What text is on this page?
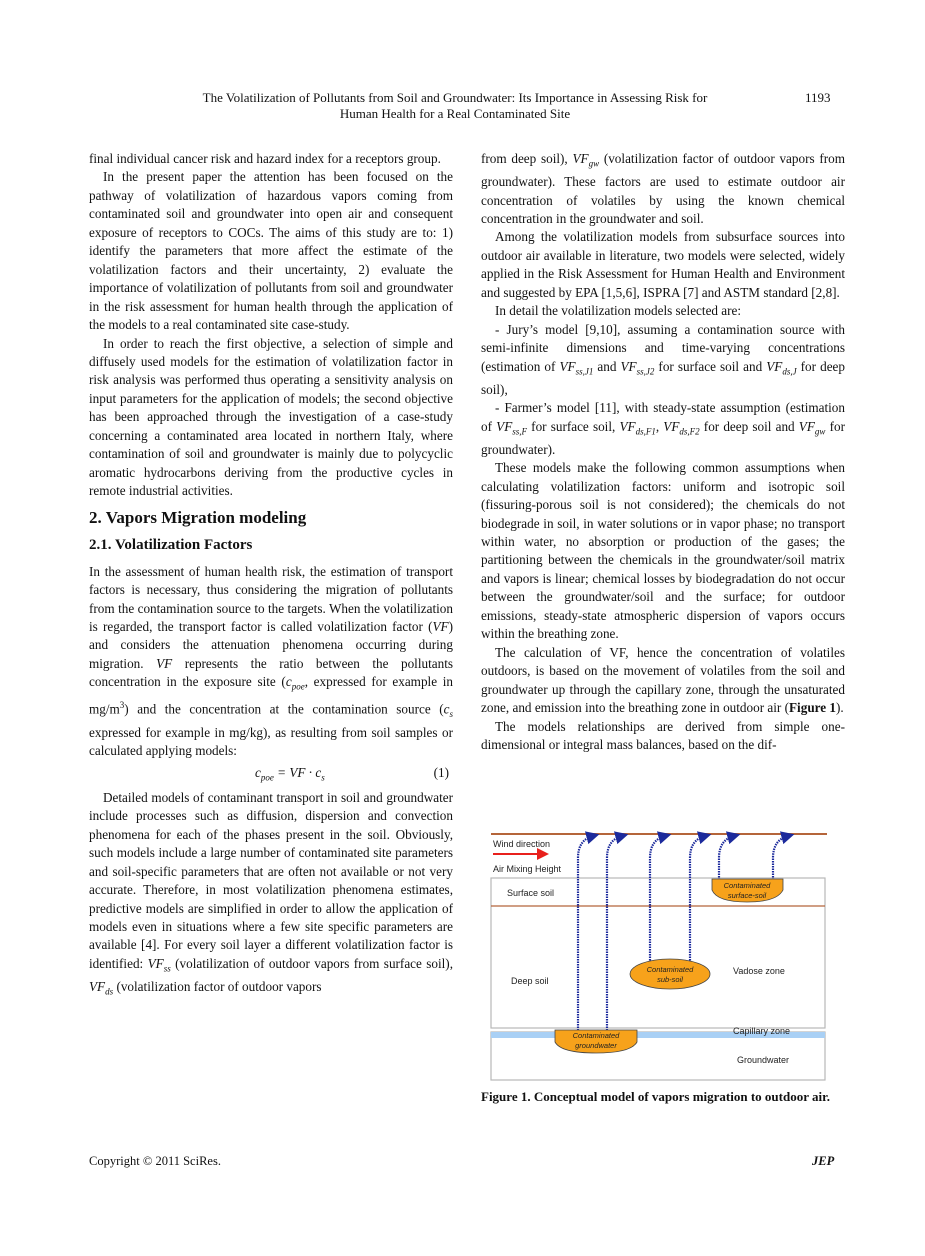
The Volatilization of Pollutants from Soil and Groundwater: Its Importance in Assessing Risk for
Human Health for a Real Contaminated Site
1193

final individual cancer risk and hazard index for a receptors group.

In the present paper the attention has been focused on the pathway of volatilization of hazardous vapors coming from contaminated soil and groundwater into open air and consequent exposure of receptors to COCs. The aims of this study are to: 1) identify the parameters that more affect the estimate of the volatilization factors and their uncertainty, 2) evaluate the importance of volatilization of pollutants from soil and groundwater in the risk assessment for human health through the application of the models to a real contaminated site case-study.

In order to reach the first objective, a selection of simple and diffusely used models for the estimation of volatilization factor in risk analysis was performed thus operating a sensitivity analysis on input parameters for the application of models; the second objective has been approached through the investigation of a case-study concerning a contaminated area located in northern Italy, where contamination of soil and groundwater is mainly due to polycyclic aromatic hydrocarbons deriving from the productive cycles in remote industrial activities.

2. Vapors Migration modeling
2.1. Volatilization Factors

In the assessment of human health risk, the estimation of transport factors is necessary, thus considering the migration of pollutants from the contamination source to the targets. When the volatilization is regarded, the transport factor is called volatilization factor (VF) and considers the attenuation phenomena occurring during migration. VF represents the ratio between the pollutants concentration in the exposure site ($c_{poe}$, expressed for example in $mg/m^3$) and the concentration at the contamination source ($c_s$ expressed for example in mg/kg), as resulting from soil samples or calculated applying models:

$c_{poe}$ = VF · $c_s$	(1)

Detailed models of contaminant transport in soil and groundwater include processes such as diffusion, dispersion and convection phenomena for each of the phases present in the soil. Obviously, such models include a large number of contaminated site parameters and soil-specific parameters that are often not available or not very accurate. Therefore, in most volatilization phenomena estimates, predictive models are simplified in order to allow the application of models even in situations where a few site specific parameters are available [4]. For every soil layer a different volatilization factor is identified: $VF_{ss}$ (volatilization of outdoor vapors from surface soil), $VF_{ds}$ (volatilization factor of outdoor vapors

from deep soil), $VF_{gw}$ (volatilization factor of outdoor vapors from groundwater). These factors are used to estimate outdoor air concentration of volatiles by using the known chemical concentration in the groundwater and soil.

Among the volatilization models from subsurface sources into outdoor air available in literature, two models were selected, widely applied in the Risk Assessment for Human Health and Environment and suggested by EPA [1,5,6], ISPRA [7] and ASTM standard [2,8].

In detail the volatilization models selected are:

- Jury’s model [9,10], assuming a contamination source with semi-infinite dimensions and time-varying concentrations (estimation of $VF_{ss,J1}$ and $VF_{ss,J2}$ for surface soil and $VF_{ds,J}$ for deep soil),

- Farmer’s model [11], with steady-state assumption (estimation of $VF_{ss,F}$ for surface soil, $VF_{ds,F1}$, $VF_{ds,F2}$ for deep soil and $VF_{gw}$ for groundwater).

These models make the following common assumptions when calculating volatilization factors: uniform and isotropic soil (fissuring-porous soil is not considered); the chemicals do not biodegrade in soil, in water solutions or in vapor phase; no transport within water, no absorption or production of the gases; the partitioning between the chemicals in the groundwater/soil matrix and vapors is linear; chemical losses by biodegradation do not occur between the groundwater/soil and the surface; for outdoor emissions, steady-state atmospheric dispersion of vapors occurs within the breathing zone.

The calculation of VF, hence the concentration of volatiles outdoors, is based on the movement of volatiles from the soil and groundwater up through the capillary zone, through the unsaturated zone, and emission into the breathing zone in outdoor air (Figure 1).

The models relationships are derived from simple one-dimensional or integral mass balances, based on the dif-

Wind direction
Air Mixing Height
Surface soil
Deep soil
Vadose zone
Capillary zone
Groundwater
Contaminated
surface-soil
Contaminated
sub-soil
Contaminated
groundwater
Figure 1. Conceptual model of vapors migration to outdoor air.
Copyright © 2011 SciRes.	JEP
